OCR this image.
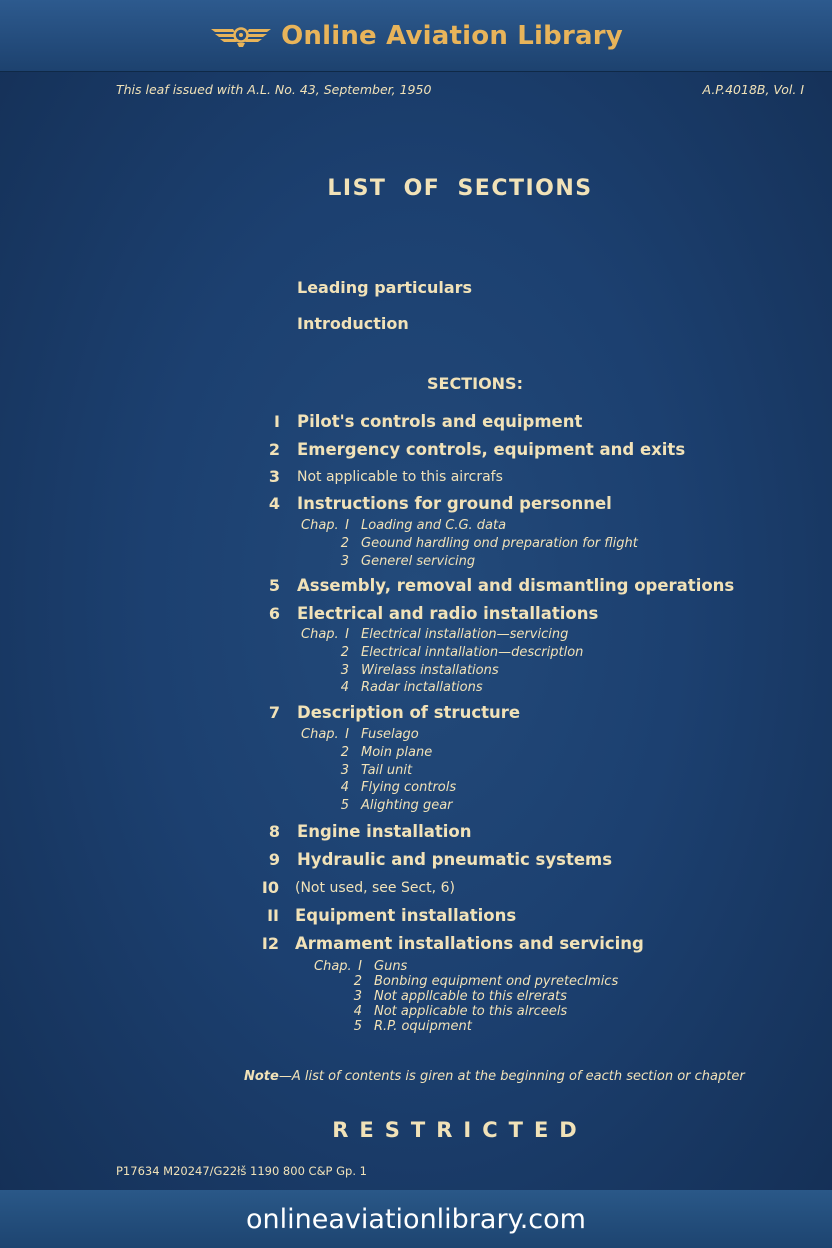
Online Aviation Library
This leaf issued with A.L. No. 43, September, 1950	A.P.4018B, Vol. I
LIST OF SECTIONS
Leading particulars
Introduction
SECTIONS:
I Pilot's controls and equipment
2 Emergency controls, equipment and exits
3 Not applicable to this aircrafs
4 Instructions for ground personnel
Chap. I Loading and C.G. data
2 Geound hardling ond preparation for flight
3 Generel servicing
5 Assembly, removal and dismantling operations
6 Electrical and radio installations
Chap. I Electrical installation—servicing
2 Electrical inntallation—descriptlon
3 Wirelass installations
4 Radar inctallations
7 Description of structure
Chap. I Fuselago
2 Moin plane
3 Tail unit
4 Flying controls
5 Alighting gear
8 Engine installation
9 Hydraulic and pneumatic systems
I0 (Not used, see Sect, 6)
II Equipment installations
I2 Armament installations and servicing
Chap. I Guns
2 Bonbing equipment ond pyretecImics
3 Not appllcable to this elrerats
4 Not applicable to this alrceels
5 R.P. oquipment
Note—A list of contents is giren at the beginning of eacth section or chapter
RESTRICTED
P17634 M20247/G22łš 1190 800 C&P Gp. 1
onlineaviationlibrary.com
